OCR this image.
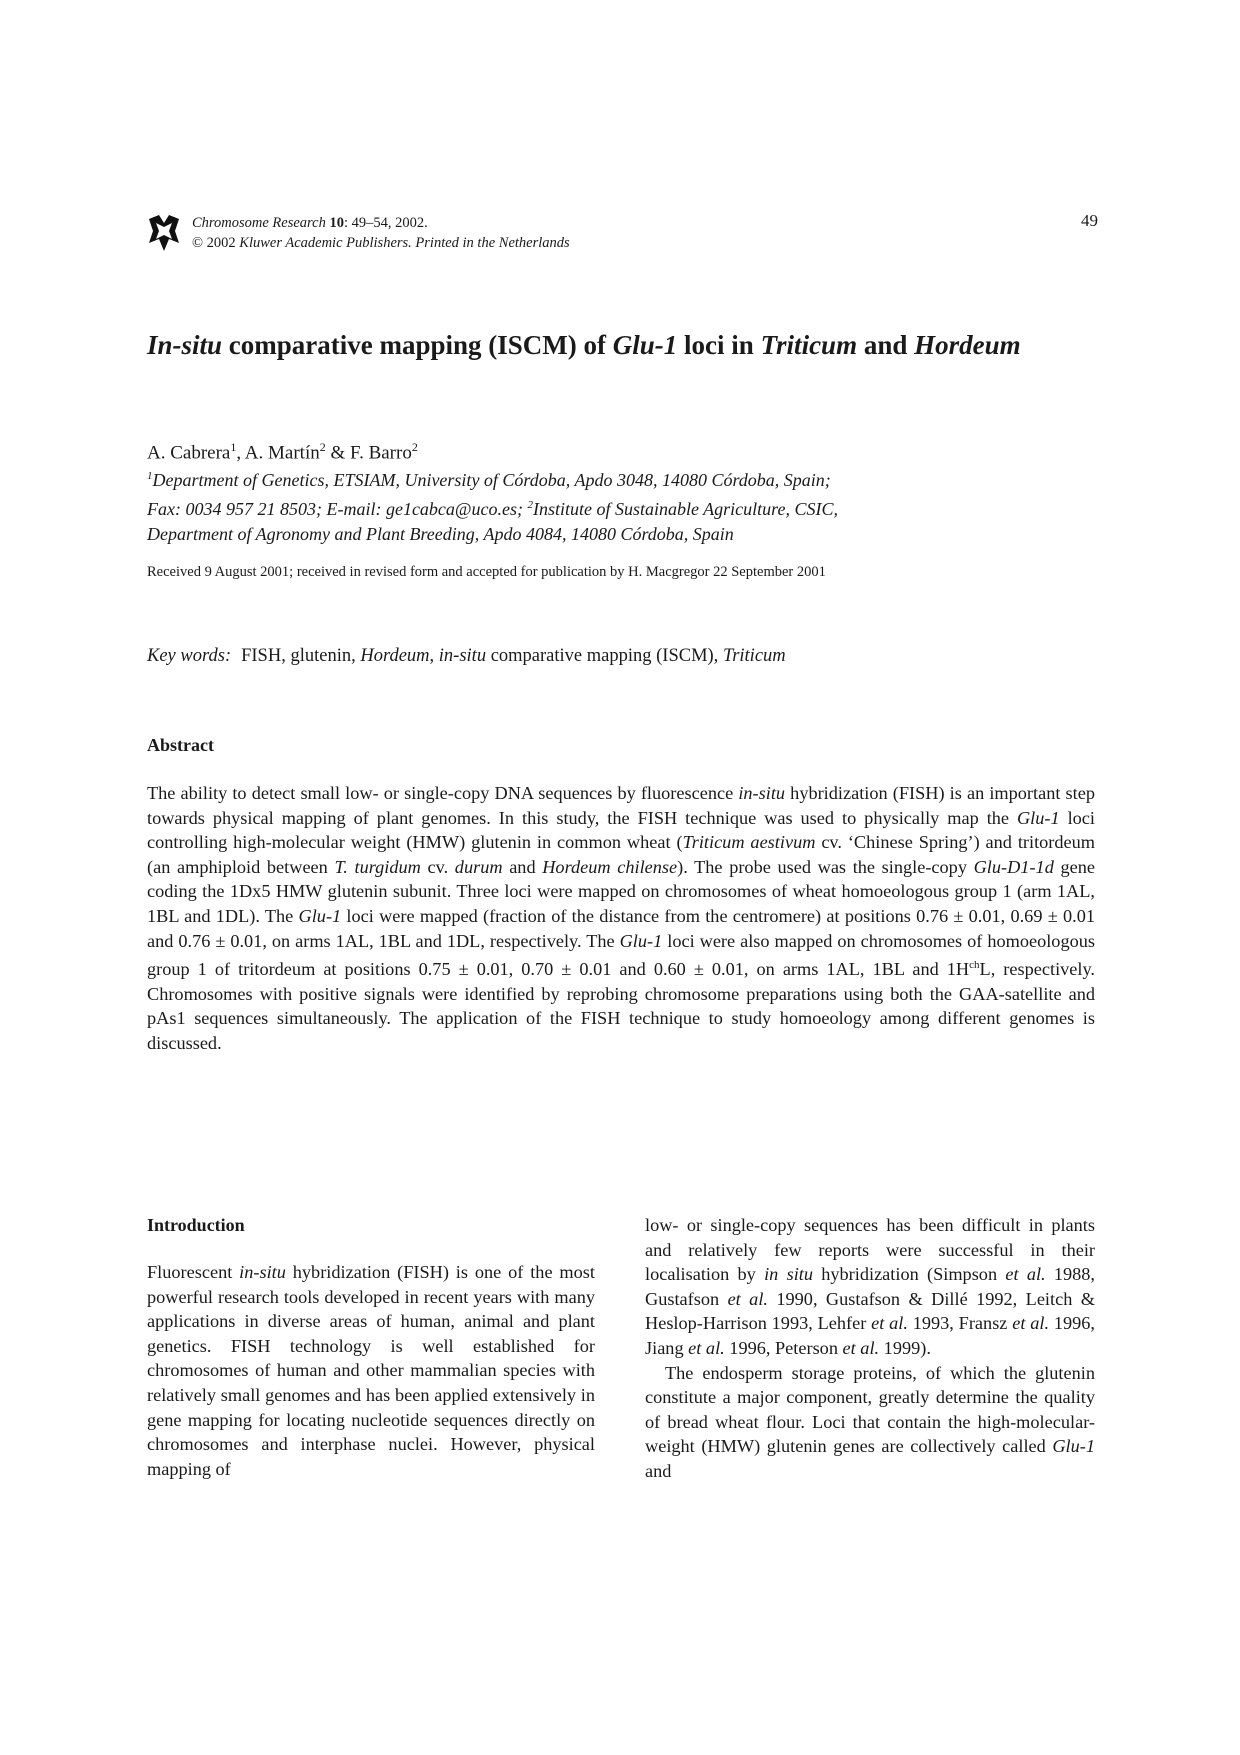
Chromosome Research 10: 49–54, 2002.
© 2002 Kluwer Academic Publishers. Printed in the Netherlands
49
In-situ comparative mapping (ISCM) of Glu-1 loci in Triticum and Hordeum
A. Cabrera$^1$, A. Martín$^2$ & F. Barro$^2$
$^1$Department of Genetics, ETSIAM, University of Córdoba, Apdo 3048, 14080 Córdoba, Spain;
Fax: 0034 957 21 8503; E-mail: ge1cabca@uco.es; $^2$Institute of Sustainable Agriculture, CSIC,
Department of Agronomy and Plant Breeding, Apdo 4084, 14080 Córdoba, Spain
Received 9 August 2001; received in revised form and accepted for publication by H. Macgregor 22 September 2001
Key words: FISH, glutenin, Hordeum, in-situ comparative mapping (ISCM), Triticum
Abstract

The ability to detect small low- or single-copy DNA sequences by fluorescence in-situ hybridization (FISH) is an important step towards physical mapping of plant genomes. In this study, the FISH technique was used to physically map the Glu-1 loci controlling high-molecular weight (HMW) glutenin in common wheat (Triticum aestivum cv. ‘Chinese Spring’) and tritordeum (an amphiploid between T. turgidum cv. durum and Hordeum chilense). The probe used was the single-copy Glu-D1-1d gene coding the 1Dx5 HMW glutenin subunit. Three loci were mapped on chromosomes of wheat homoeologous group 1 (arm 1AL, 1BL and 1DL). The Glu-1 loci were mapped (fraction of the distance from the centromere) at positions 0.76 ± 0.01, 0.69 ± 0.01 and 0.76 ± 0.01, on arms 1AL, 1BL and 1DL, respectively. The Glu-1 loci were also mapped on chromosomes of homoeologous group 1 of tritordeum at positions 0.75 ± 0.01, 0.70 ± 0.01 and 0.60 ± 0.01, on arms 1AL, 1BL and $1H^{ch}L$, respectively. Chromosomes with positive signals were identified by reprobing chromosome preparations using both the GAA-satellite and pAs1 sequences simultaneously. The application of the FISH technique to study homoeology among different genomes is discussed.

Introduction

Fluorescent in-situ hybridization (FISH) is one of the most powerful research tools developed in recent years with many applications in diverse areas of human, animal and plant genetics. FISH technology is well established for chromosomes of human and other mammalian species with relatively small genomes and has been applied extensively in gene mapping for locating nucleotide sequences directly on chromosomes and interphase nuclei. However, physical mapping of

low- or single-copy sequences has been difficult in plants and relatively few reports were successful in their localisation by in situ hybridization (Simpson et al. 1988, Gustafson et al. 1990, Gustafson & Dillé 1992, Leitch & Heslop-Harrison 1993, Lehfer et al. 1993, Fransz et al. 1996, Jiang et al. 1996, Peterson et al. 1999).

The endosperm storage proteins, of which the glutenin constitute a major component, greatly determine the quality of bread wheat flour. Loci that contain the high-molecular-weight (HMW) glutenin genes are collectively called Glu-1 and
